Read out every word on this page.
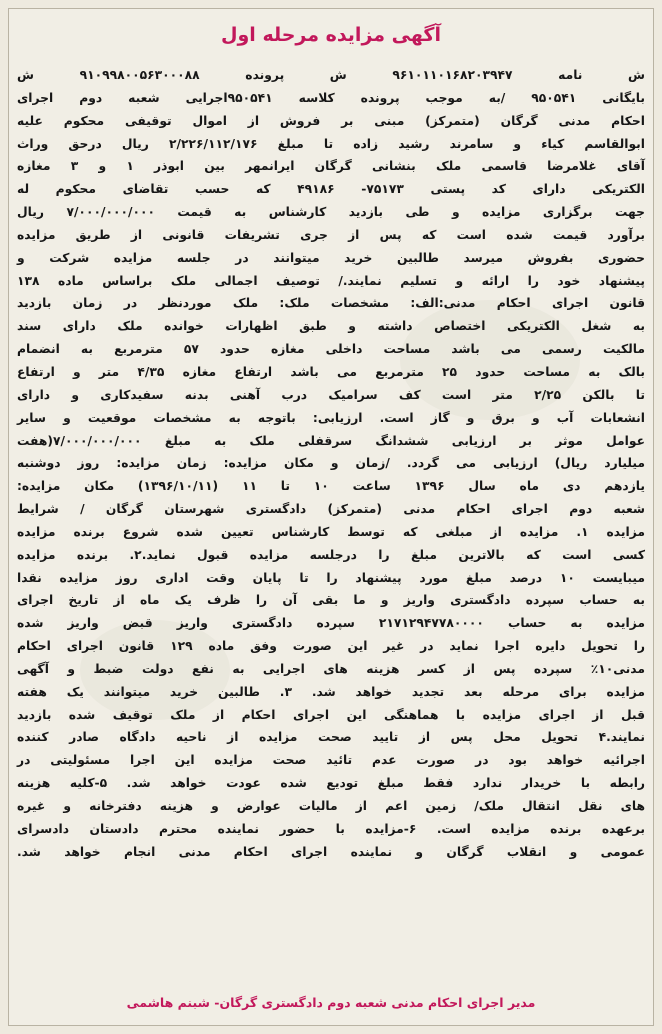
آگهی مزایده مرحله اول
ش نامه ۹۶۱۰۱۱۰۱۶۸۲۰۳۹۴۷ ش پرونده ۹۱۰۹۹۸۰۰۵۶۳۰۰۰۸۸ ش
بایگانی ۹۵۰۵۴۱ /به موجب پرونده کلاسه ۹۵۰۵۴۱اجرایی شعبه دوم اجرای
احکام مدنی گرگان (متمرکز) مبنی بر فروش از اموال توقیفی محکوم علیه
ابوالقاسم کیاء و سامرند رشید زاده تا مبلغ ۲/۲۲۶/۱۱۲/۱۷۶ ریال درحق وراث
آقای غلامرضا قاسمی ملک بنشانی گرگان ایرانمهر بین ابوذر ۱ و ۳ مغازه
الکتریکی دارای کد پستی ۷۵۱۷۳- ۴۹۱۸۶ که حسب تقاضای محکوم له
جهت برگزاری مزایده و طی بازدید کارشناس به قیمت ۷/۰۰۰/۰۰۰/۰۰۰ ریال
برآورد قیمت شده است که پس از جری تشریفات قانونی از طریق مزایده
حضوری بفروش میرسد طالبین خرید میتوانند در جلسه مزایده شرکت و
پیشنهاد خود را ارائه و تسلیم نمایند./ توصیف اجمالی ملک براساس ماده ۱۳۸
قانون اجرای احکام مدنی:الف: مشخصات ملک: ملک موردنظر در زمان بازدید
به شغل الکتریکی اختصاص داشته و طبق اظهارات خوانده ملک دارای سند
مالکیت رسمی می باشد مساحت داخلی مغازه حدود ۵۷ مترمربع به انضمام
بالک به مساحت حدود ۲۵ مترمربع می باشد ارتفاع مغازه ۴/۳۵ متر و ارتفاع
تا بالکن ۲/۲۵ متر است کف سرامیک درب آهنی بدنه سفیدکاری و دارای
انشعابات آب و برق و گاز است. ارزیابی: باتوجه به مشخصات موقعیت و سایر
عوامل موثر بر ارزیابی ششدانگ سرقفلی ملک به مبلغ ۷/۰۰۰/۰۰۰/۰۰۰(هفت
میلیارد ریال) ارزیابی می گردد. /زمان و مکان مزایده: زمان مزایده: روز دوشنبه
یازدهم دی ماه سال ۱۳۹۶ ساعت ۱۰ تا ۱۱ (۱۳۹۶/۱۰/۱۱) مکان مزایده:
شعبه دوم اجرای احکام مدنی (متمرکز) دادگستری شهرستان گرگان / شرایط
مزایده ۱. مزایده از مبلغی که توسط کارشناس تعیین شده شروع برنده مزایده
کسی است که بالاترین مبلغ را درجلسه مزایده قبول نماید.۲. برنده مزایده
میبایست ۱۰ درصد مبلغ مورد پیشنهاد را تا پایان وقت اداری روز مزایده نقدا
به حساب سپرده دادگستری واریز و ما بقی آن را ظرف یک ماه از تاریخ اجرای
مزایده به حساب ۲۱۷۱۲۹۴۷۷۸۰۰۰۰ سپرده دادگستری واریز قبض واریز شده
را تحویل دایره اجرا نماید در غیر این صورت وفق ماده ۱۲۹ قانون اجرای احکام
مدنی۱۰٪ سپرده پس از کسر هزینه های اجرایی به نفع دولت ضبط و آگهی
مزایده برای مرحله بعد تجدید خواهد شد. ۳. طالبین خرید میتوانند یک هفته
قبل از اجرای مزایده با هماهنگی این اجرای احکام از ملک توقیف شده بازدید
نمایند.۴ تحویل محل پس از تایید صحت مزایده از ناحیه دادگاه صادر کننده
اجرائیه خواهد بود در صورت عدم تائید صحت مزایده این اجرا مسئولیتی در
رابطه با خریدار ندارد فقط مبلغ تودیع شده عودت خواهد شد. ۵-کلیه هزینه
های نقل انتقال ملک/ زمین اعم از مالیات عوارض و هزینه دفترخانه و غیره
برعهده برنده مزایده است. ۶-مزایده با حضور نماینده محترم دادستان دادسرای
عمومی و انقلاب گرگان و نماینده اجرای احکام مدنی انجام خواهد شد.
مدیر اجرای احکام مدنی شعبه دوم دادگستری گرگان- شبنم هاشمی
